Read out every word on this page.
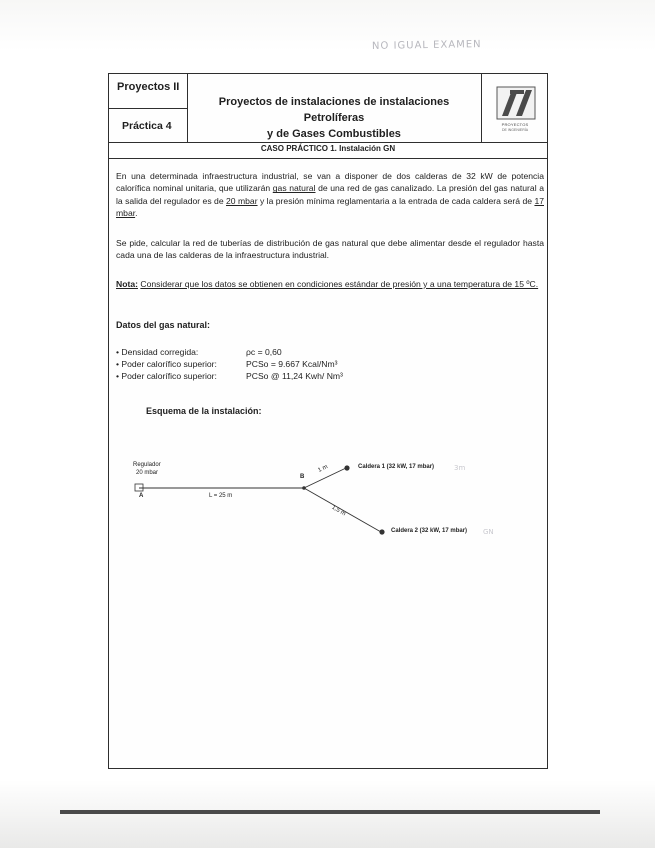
NO IGUAL EXAMEN
Proyectos II
Práctica 4
Proyectos de instalaciones de instalaciones Petrolíferas
y de Gases Combustibles
PROYECTOS
DE INGENIERÍA
CASO PRÁCTICO 1. Instalación GN
En una determinada infraestructura industrial, se van a disponer de dos calderas de 32 kW de potencia calorífica nominal unitaria, que utilizarán gas natural de una red de gas canalizado. La presión del gas natural a la salida del regulador es de 20 mbar y la presión mínima reglamentaria a la entrada de cada caldera será de 17 mbar.
Se pide, calcular la red de tuberías de distribución de gas natural que debe alimentar desde el regulador hasta cada una de las calderas de la infraestructura industrial.
Nota: Considerar que los datos se obtienen en condiciones estándar de presión y a una temperatura de 15 ºC.
Datos del gas natural:
• Densidad corregida:	ρc = 0,60
• Poder calorífico superior:	PCSo = 9.667 Kcal/Nm³
• Poder calorífico superior:	PCSo @ 11,24 Kwh/ Nm³
Esquema de la instalación:
Regulador
20 mbar
A
B
L = 25 m
1 m
1,5 m
Caldera 1 (32 kW, 17 mbar)	3m
Caldera 2 (32 kW, 17 mbar) GN
